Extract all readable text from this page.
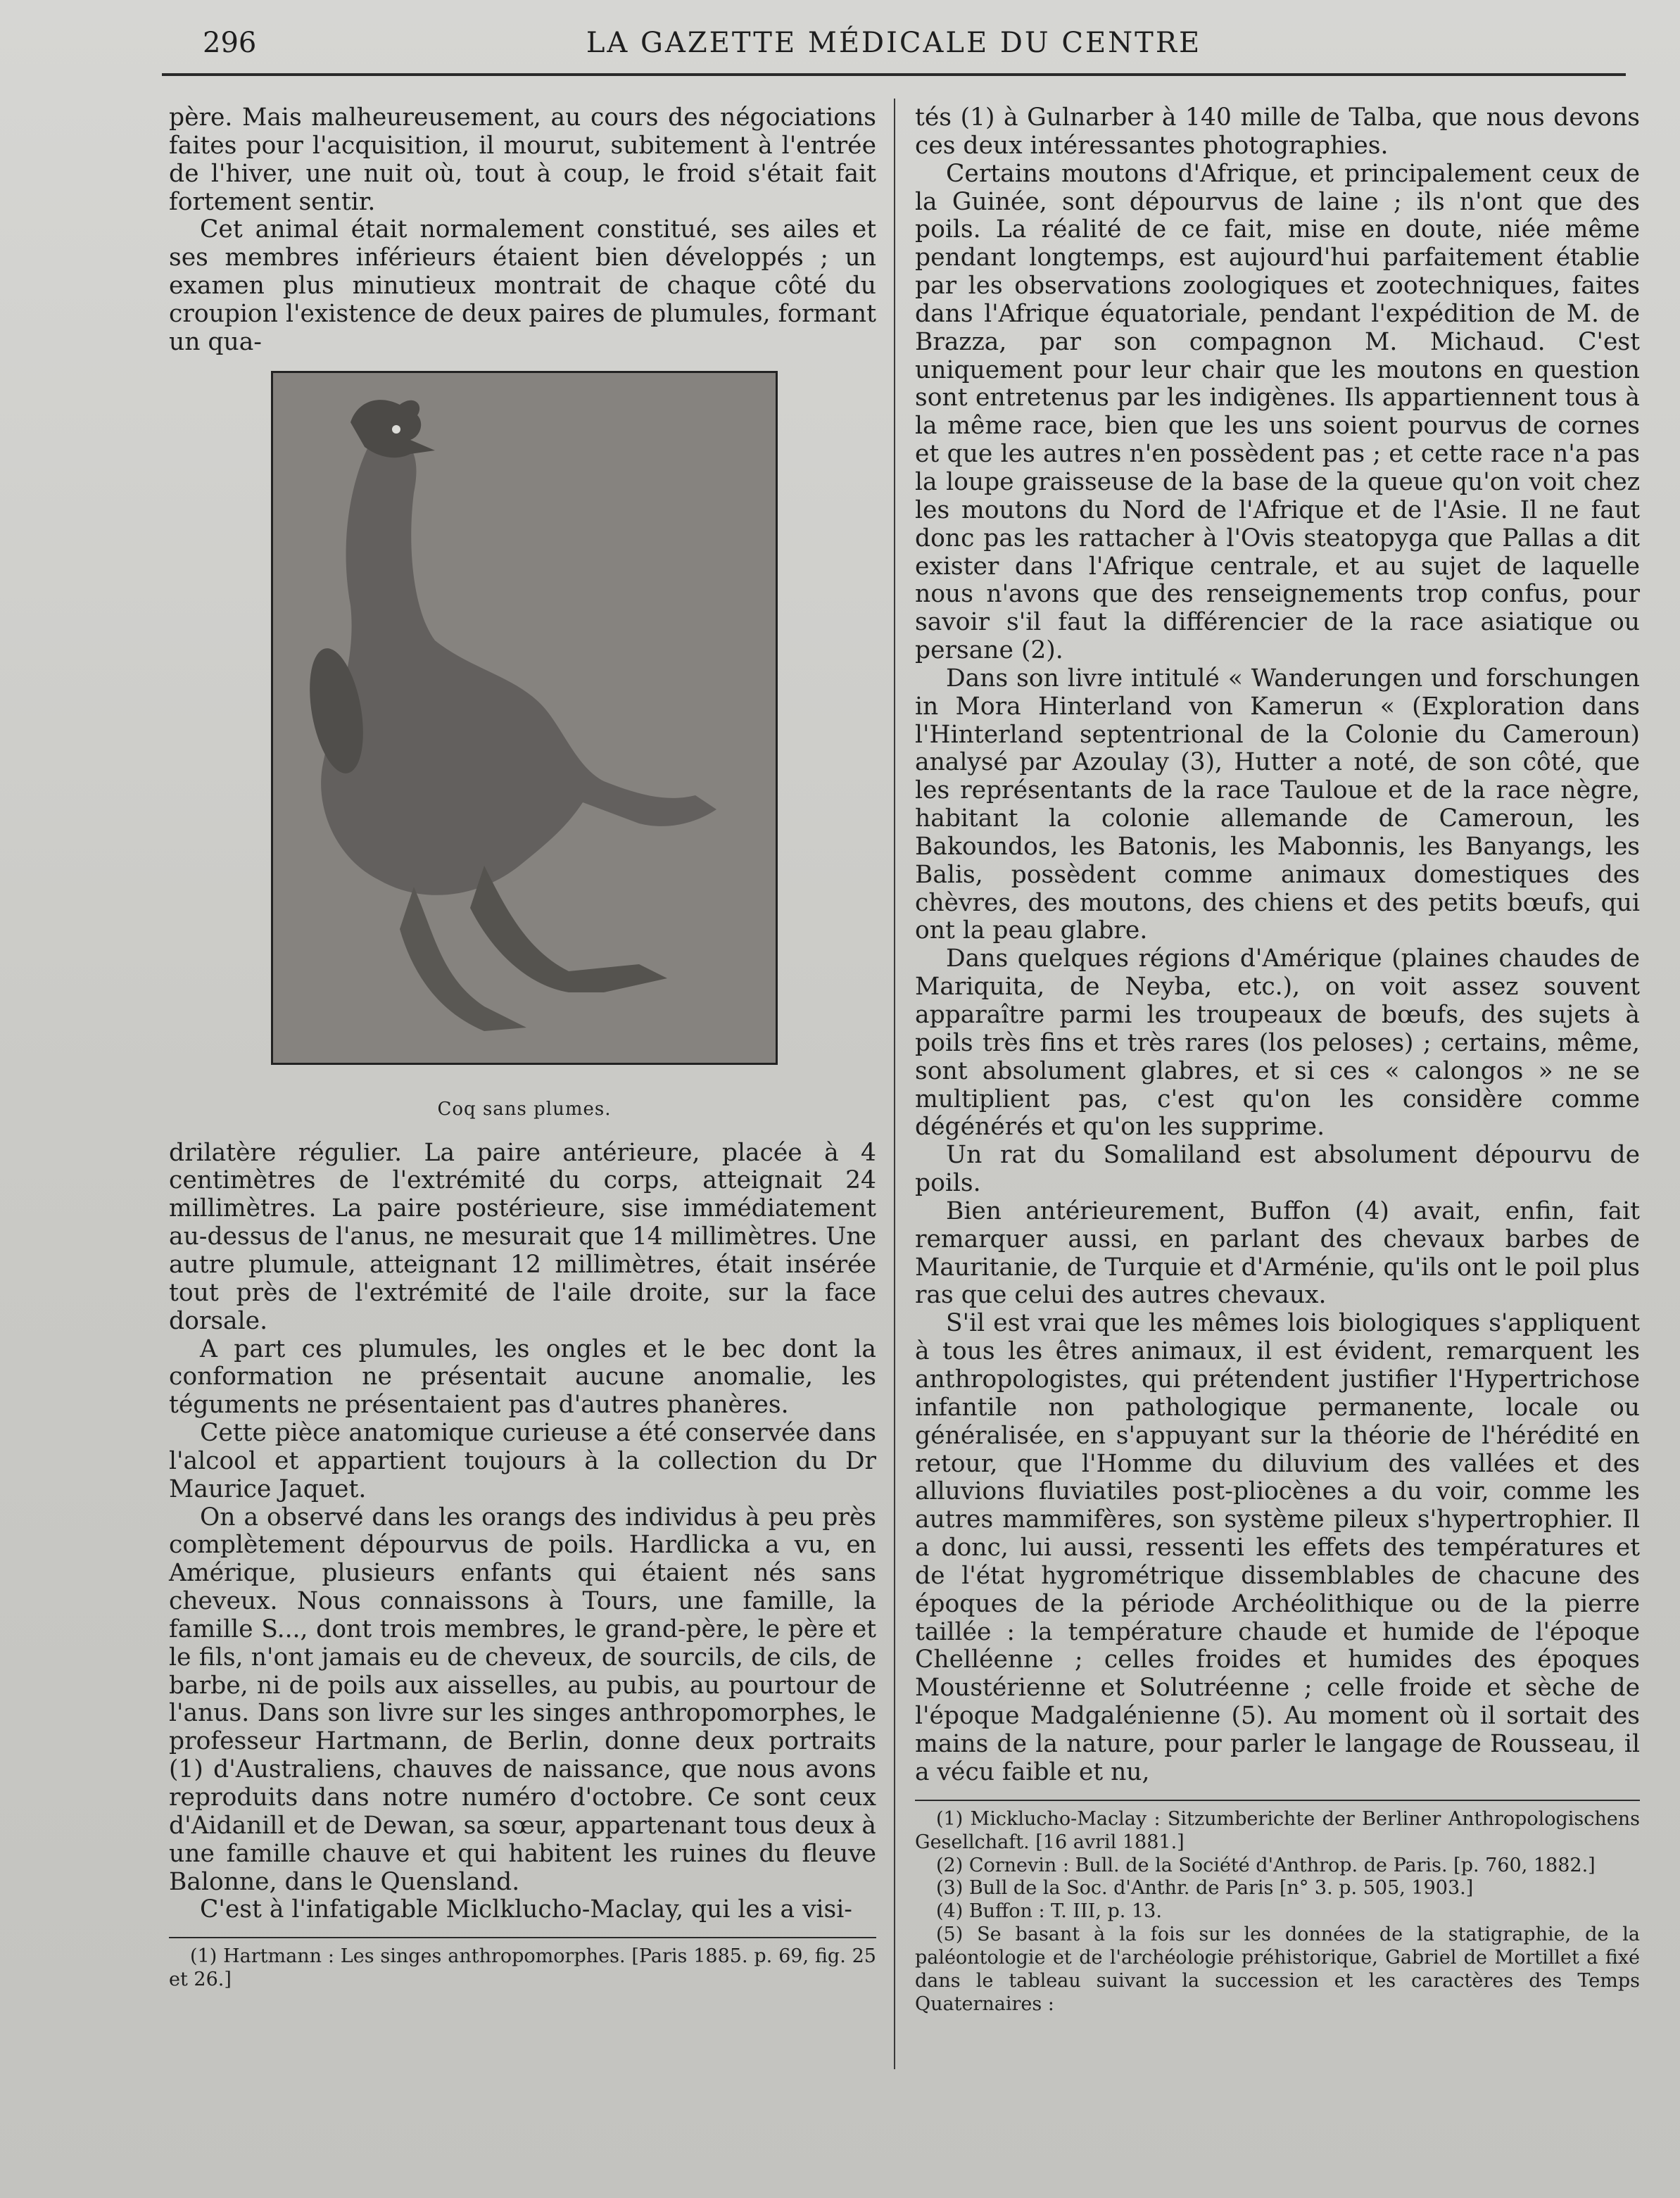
296	LA GAZETTE MÉDICALE DU CENTRE

père. Mais malheureusement, au cours des négociations faites pour l'acquisition, il mourut, subitement à l'entrée de l'hiver, une nuit où, tout à coup, le froid s'était fait fortement sentir.

Cet animal était normalement constitué, ses ailes et ses membres inférieurs étaient bien développés ; un examen plus minutieux montrait de chaque côté du croupion l'existence de deux paires de plumules, formant un qua-

Coq sans plumes.

drilatère régulier. La paire antérieure, placée à 4 centimètres de l'extrémité du corps, atteignait 24 millimètres. La paire postérieure, sise immédiatement au-dessus de l'anus, ne mesurait que 14 millimètres. Une autre plumule, atteignant 12 millimètres, était insérée tout près de l'extrémité de l'aile droite, sur la face dorsale.

A part ces plumules, les ongles et le bec dont la conformation ne présentait aucune anomalie, les téguments ne présentaient pas d'autres phanères.

Cette pièce anatomique curieuse a été conservée dans l'alcool et appartient toujours à la collection du Dr Maurice Jaquet.

On a observé dans les orangs des individus à peu près complètement dépourvus de poils. Hardlicka a vu, en Amérique, plusieurs enfants qui étaient nés sans cheveux. Nous connaissons à Tours, une famille, la famille S..., dont trois membres, le grand-père, le père et le fils, n'ont jamais eu de cheveux, de sourcils, de cils, de barbe, ni de poils aux aisselles, au pubis, au pourtour de l'anus. Dans son livre sur les singes anthropomorphes, le professeur Hartmann, de Berlin, donne deux portraits (1) d'Australiens, chauves de naissance, que nous avons reproduits dans notre numéro d'octobre. Ce sont ceux d'Aidanill et de Dewan, sa sœur, appartenant tous deux à une famille chauve et qui habitent les ruines du fleuve Balonne, dans le Quensland.

C'est à l'infatigable Miclklucho-Maclay, qui les a visi-

(1) Hartmann : Les singes anthropomorphes. [Paris 1885. p. 69, fig. 25 et 26.]

tés (1) à Gulnarber à 140 mille de Talba, que nous devons ces deux intéressantes photographies.

Certains moutons d'Afrique, et principalement ceux de la Guinée, sont dépourvus de laine ; ils n'ont que des poils. La réalité de ce fait, mise en doute, niée même pendant longtemps, est aujourd'hui parfaitement établie par les observations zoologiques et zootechniques, faites dans l'Afrique équatoriale, pendant l'expédition de M. de Brazza, par son compagnon M. Michaud. C'est uniquement pour leur chair que les moutons en question sont entretenus par les indigènes. Ils appartiennent tous à la même race, bien que les uns soient pourvus de cornes et que les autres n'en possèdent pas ; et cette race n'a pas la loupe graisseuse de la base de la queue qu'on voit chez les moutons du Nord de l'Afrique et de l'Asie. Il ne faut donc pas les rattacher à l'Ovis steatopyga que Pallas a dit exister dans l'Afrique centrale, et au sujet de laquelle nous n'avons que des renseignements trop confus, pour savoir s'il faut la différencier de la race asiatique ou persane (2).

Dans son livre intitulé « Wanderungen und forschungen in Mora Hinterland von Kamerun « (Exploration dans l'Hinterland septentrional de la Colonie du Cameroun) analysé par Azoulay (3), Hutter a noté, de son côté, que les représentants de la race Tauloue et de la race nègre, habitant la colonie allemande de Cameroun, les Bakoundos, les Batonis, les Mabonnis, les Banyangs, les Balis, possèdent comme animaux domestiques des chèvres, des moutons, des chiens et des petits bœufs, qui ont la peau glabre.

Dans quelques régions d'Amérique (plaines chaudes de Mariquita, de Neyba, etc.), on voit assez souvent apparaître parmi les troupeaux de bœufs, des sujets à poils très fins et très rares (los peloses) ; certains, même, sont absolument glabres, et si ces « calongos » ne se multiplient pas, c'est qu'on les considère comme dégénérés et qu'on les supprime.

Un rat du Somaliland est absolument dépourvu de poils.

Bien antérieurement, Buffon (4) avait, enfin, fait remarquer aussi, en parlant des chevaux barbes de Mauritanie, de Turquie et d'Arménie, qu'ils ont le poil plus ras que celui des autres chevaux.

S'il est vrai que les mêmes lois biologiques s'appliquent à tous les êtres animaux, il est évident, remarquent les anthropologistes, qui prétendent justifier l'Hypertrichose infantile non pathologique permanente, locale ou généralisée, en s'appuyant sur la théorie de l'hérédité en retour, que l'Homme du diluvium des vallées et des alluvions fluviatiles post-pliocènes a du voir, comme les autres mammifères, son système pileux s'hypertrophier. Il a donc, lui aussi, ressenti les effets des températures et de l'état hygrométrique dissemblables de chacune des époques de la période Archéolithique ou de la pierre taillée : la température chaude et humide de l'époque Chelléenne ; celles froides et humides des époques Moustérienne et Solutréenne ; celle froide et sèche de l'époque Madgalénienne (5). Au moment où il sortait des mains de la nature, pour parler le langage de Rousseau, il a vécu faible et nu,

(1) Micklucho-Maclay : Sitzumberichte der Berliner Anthropologischens Gesellchaft. [16 avril 1881.]

(2) Cornevin : Bull. de la Société d'Anthrop. de Paris. [p. 760, 1882.]

(3) Bull de la Soc. d'Anthr. de Paris [n° 3. p. 505, 1903.]

(4) Buffon : T. III, p. 13.

(5) Se basant à la fois sur les données de la statigraphie, de la paléontologie et de l'archéologie préhistorique, Gabriel de Mortillet a fixé dans le tableau suivant la succession et les caractères des Temps Quaternaires :
